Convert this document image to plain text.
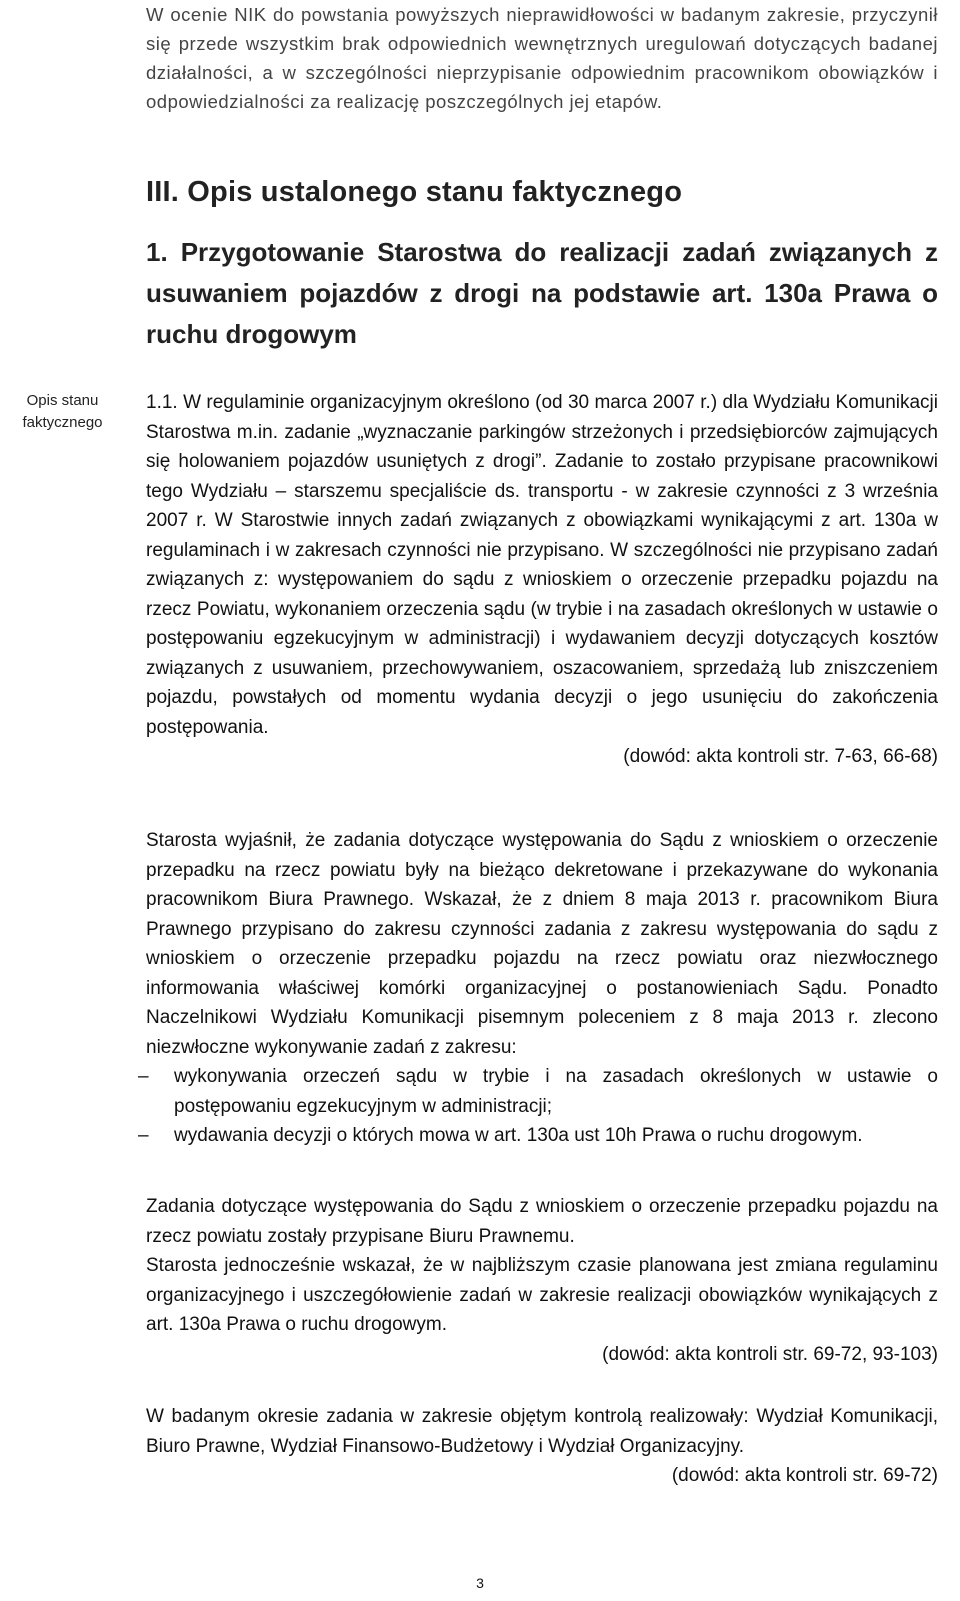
W ocenie NIK do powstania powyższych nieprawidłowości w badanym zakresie, przyczynił się przede wszystkim brak odpowiednich wewnętrznych uregulowań dotyczących badanej działalności, a w szczególności nieprzypisanie odpowiednim pracownikom obowiązków i odpowiedzialności za realizację poszczególnych jej etapów.

III. Opis ustalonego stanu faktycznego
1. Przygotowanie Starostwa do realizacji zadań związanych z usuwaniem pojazdów z drogi na podstawie art. 130a Prawa o ruchu drogowym
Opis stanu
faktycznego

1.1. W regulaminie organizacyjnym określono (od 30 marca 2007 r.) dla Wydziału Komunikacji Starostwa m.in. zadanie „wyznaczanie parkingów strzeżonych i przedsiębiorców zajmujących się holowaniem pojazdów usuniętych z drogi”. Zadanie to zostało przypisane pracownikowi tego Wydziału – starszemu specjaliście ds. transportu - w zakresie czynności z 3 września 2007 r. W Starostwie innych zadań związanych z obowiązkami wynikającymi z art. 130a w regulaminach i w zakresach czynności nie przypisano. W szczególności nie przypisano zadań związanych z: występowaniem do sądu z wnioskiem o orzeczenie przepadku pojazdu na rzecz Powiatu, wykonaniem orzeczenia sądu (w trybie i na zasadach określonych w ustawie o postępowaniu egzekucyjnym w administracji) i wydawaniem decyzji dotyczących kosztów związanych z usuwaniem, przechowywaniem, oszacowaniem, sprzedażą lub zniszczeniem pojazdu, powstałych od momentu wydania decyzji o jego usunięciu do zakończenia postępowania.

(dowód: akta kontroli str. 7-63, 66-68)

Starosta wyjaśnił, że zadania dotyczące występowania do Sądu z wnioskiem o orzeczenie przepadku na rzecz powiatu były na bieżąco dekretowane i przekazywane do wykonania pracownikom Biura Prawnego. Wskazał, że z dniem 8 maja 2013 r. pracownikom Biura Prawnego przypisano do zakresu czynności zadania z zakresu występowania do sądu z wnioskiem o orzeczenie przepadku pojazdu na rzecz powiatu oraz niezwłocznego informowania właściwej komórki organizacyjnej o postanowieniach Sądu. Ponadto Naczelnikowi Wydziału Komunikacji pisemnym poleceniem z 8 maja 2013 r. zlecono niezwłoczne wykonywanie zadań z zakresu:

– wykonywania orzeczeń sądu w trybie i na zasadach określonych w ustawie o postępowaniu egzekucyjnym w administracji;
– wydawania decyzji o których mowa w art. 130a ust 10h Prawa o ruchu drogowym.

Zadania dotyczące występowania do Sądu z wnioskiem o orzeczenie przepadku pojazdu na rzecz powiatu zostały przypisane Biuru Prawnemu.

Starosta jednocześnie wskazał, że w najbliższym czasie planowana jest zmiana regulaminu organizacyjnego i uszczegółowienie zadań w zakresie realizacji obowiązków wynikających z art. 130a Prawa o ruchu drogowym.

(dowód: akta kontroli str. 69-72, 93-103)

W badanym okresie zadania w zakresie objętym kontrolą realizowały: Wydział Komunikacji, Biuro Prawne, Wydział Finansowo-Budżetowy i Wydział Organizacyjny.

(dowód: akta kontroli str. 69-72)

3
